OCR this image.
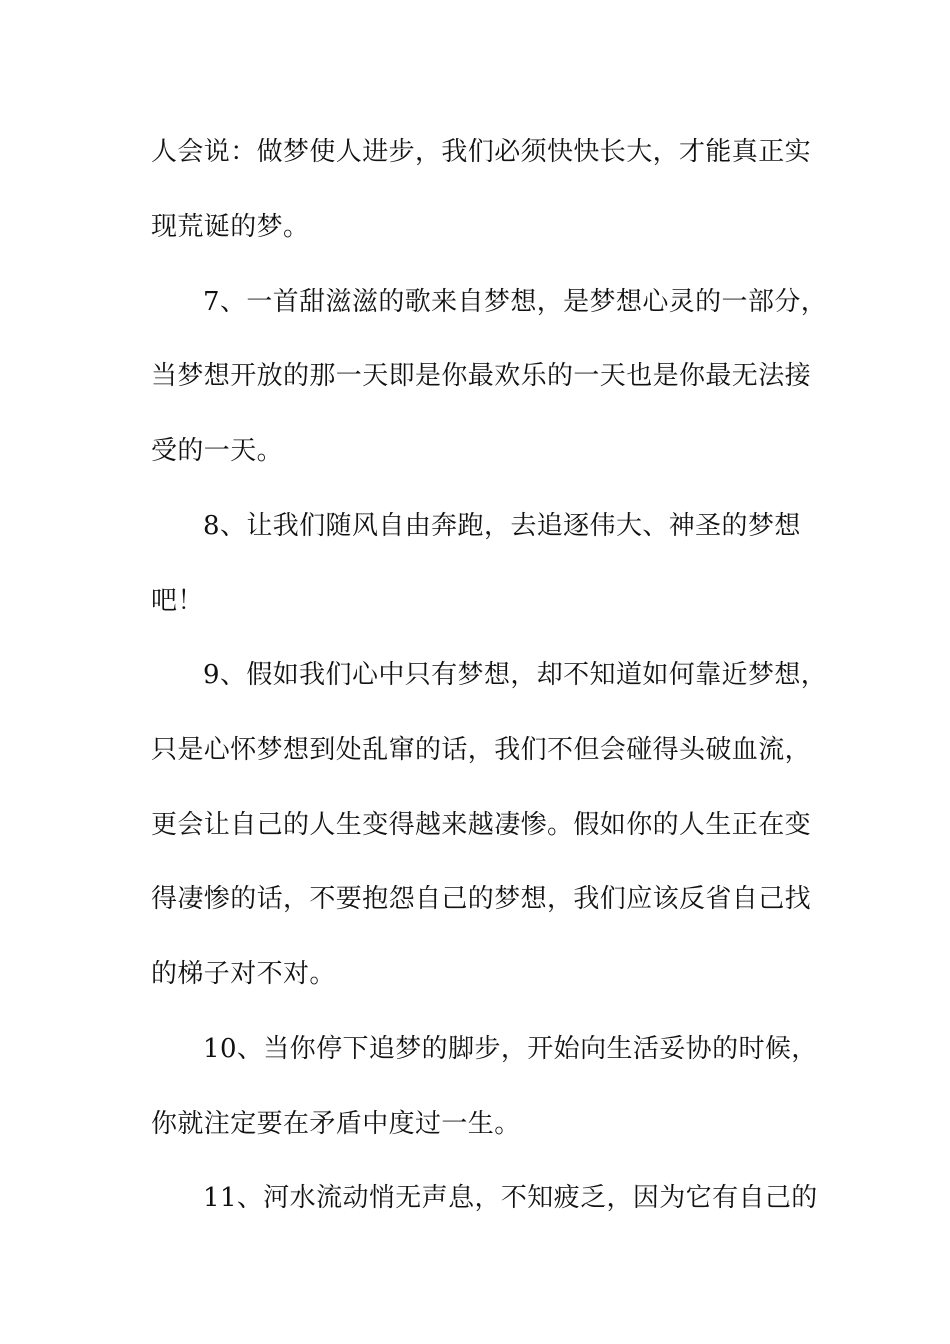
人会说：做梦使人进步，我们必须快快长大，才能真正实
现荒诞的梦。
7、一首甜滋滋的歌来自梦想，是梦想心灵的一部分，
当梦想开放的那一天即是你最欢乐的一天也是你最无法接
受的一天。
8、让我们随风自由奔跑，去追逐伟大、神圣的梦想
吧！
9、假如我们心中只有梦想，却不知道如何靠近梦想，
只是心怀梦想到处乱窜的话，我们不但会碰得头破血流，
更会让自己的人生变得越来越凄惨。假如你的人生正在变
得凄惨的话，不要抱怨自己的梦想，我们应该反省自己找
的梯子对不对。
10、当你停下追梦的脚步，开始向生活妥协的时候，
你就注定要在矛盾中度过一生。
11、河水流动悄无声息，不知疲乏，因为它有自己的
